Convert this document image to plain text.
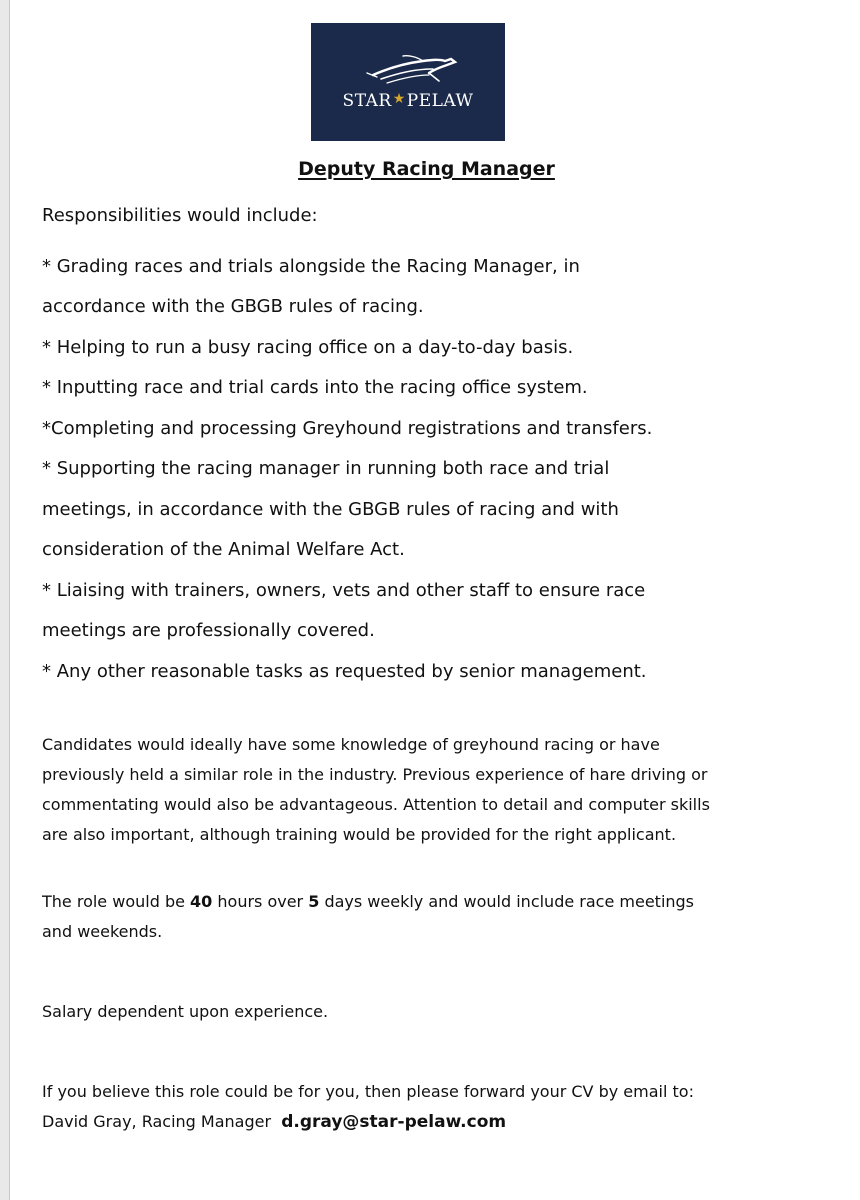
STAR★PELAW
Deputy Racing Manager
Responsibilities would include:
* Grading races and trials alongside the Racing Manager, in
accordance with the GBGB rules of racing.
* Helping to run a busy racing office on a day-to-day basis.
* Inputting race and trial cards into the racing office system.
*Completing and processing Greyhound registrations and transfers.
* Supporting the racing manager in running both race and trial
meetings, in accordance with the GBGB rules of racing and with
consideration of the Animal Welfare Act.
* Liaising with trainers, owners, vets and other staff to ensure race
meetings are professionally covered.
* Any other reasonable tasks as requested by senior management.
Candidates would ideally have some knowledge of greyhound racing or have
previously held a similar role in the industry. Previous experience of hare driving or
commentating would also be advantageous. Attention to detail and computer skills
are also important, although training would be provided for the right applicant.
The role would be 40 hours over 5 days weekly and would include race meetings
and weekends.
Salary dependent upon experience.
If you believe this role could be for you, then please forward your CV by email to:
David Gray, Racing Manager d.gray@star-pelaw.com
